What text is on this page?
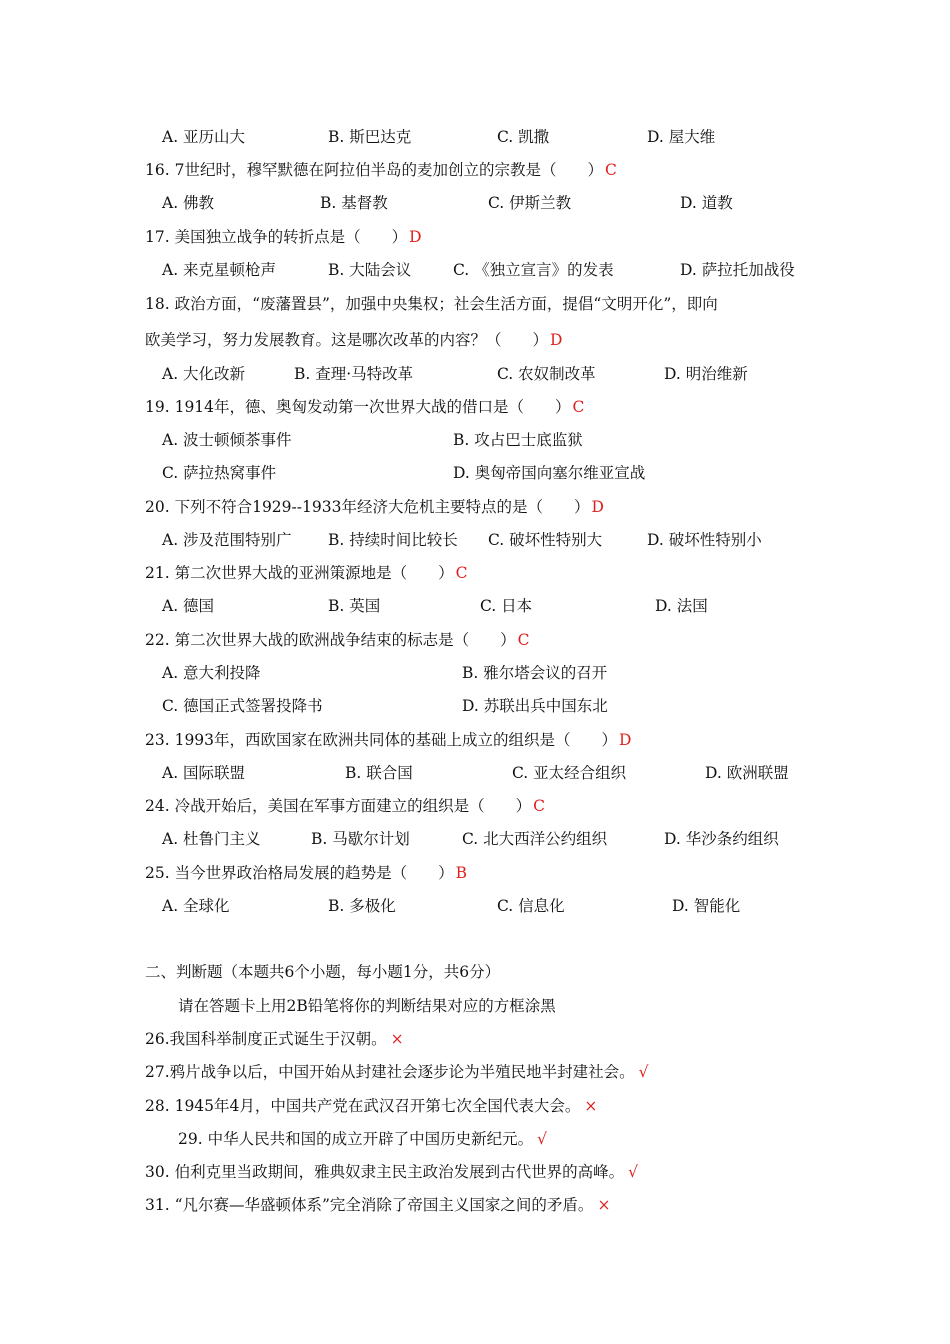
A. 亚历山大	B. 斯巴达克	C. 凯撒	D. 屋大维
16. 7世纪时，穆罕默德在阿拉伯半岛的麦加创立的宗教是（　　） C
A. 佛教	B. 基督教	C. 伊斯兰教	D. 道教
17. 美国独立战争的转折点是（　　） D
A. 来克星顿枪声	B. 大陆会议	C. 《独立宣言》的发表	D. 萨拉托加战役
18. 政治方面，“废藩置县”，加强中央集权；社会生活方面，提倡“文明开化”，即向
欧美学习，努力发展教育。这是哪次改革的内容？（　　） D
A. 大化改新	B. 查理·马特改革	C. 农奴制改革	D. 明治维新
19. 1914年，德、奥匈发动第一次世界大战的借口是（　　） C
A. 波士顿倾茶事件	B. 攻占巴士底监狱
C. 萨拉热窝事件	D. 奥匈帝国向塞尔维亚宣战
20. 下列不符合1929--1933年经济大危机主要特点的是（　　） D
A. 涉及范围特别广 B. 持续时间比较长 C. 破坏性特别大	D. 破坏性特别小
21. 第二次世界大战的亚洲策源地是（　　） C
A. 德国	B. 英国	C. 日本	D. 法国
22. 第二次世界大战的欧洲战争结束的标志是（　　） C
A. 意大利投降	B. 雅尔塔会议的召开
C. 德国正式签署投降书	D. 苏联出兵中国东北
23. 1993年，西欧国家在欧洲共同体的基础上成立的组织是（　　） D
A. 国际联盟	B. 联合国	C. 亚太经合组织	D. 欧洲联盟
24. 冷战开始后，美国在军事方面建立的组织是（　　） C
A. 杜鲁门主义	B. 马歇尔计划	C. 北大西洋公约组织	D. 华沙条约组织
25. 当今世界政治格局发展的趋势是（　　） B
A. 全球化	B. 多极化	C. 信息化	D. 智能化
二、判断题（本题共6个小题，每小题1分，共6分）
请在答题卡上用2B铅笔将你的判断结果对应的方框涂黑
26.我国科举制度正式诞生于汉朝。 ×
27.鸦片战争以后，中国开始从封建社会逐步论为半殖民地半封建社会。 √
28. 1945年4月，中国共产党在武汉召开第七次全国代表大会。 ×
29. 中华人民共和国的成立开辟了中国历史新纪元。 √
30. 伯利克里当政期间，雅典奴隶主民主政治发展到古代世界的高峰。 √
31. “凡尔赛—华盛顿体系”完全消除了帝国主义国家之间的矛盾。 ×
